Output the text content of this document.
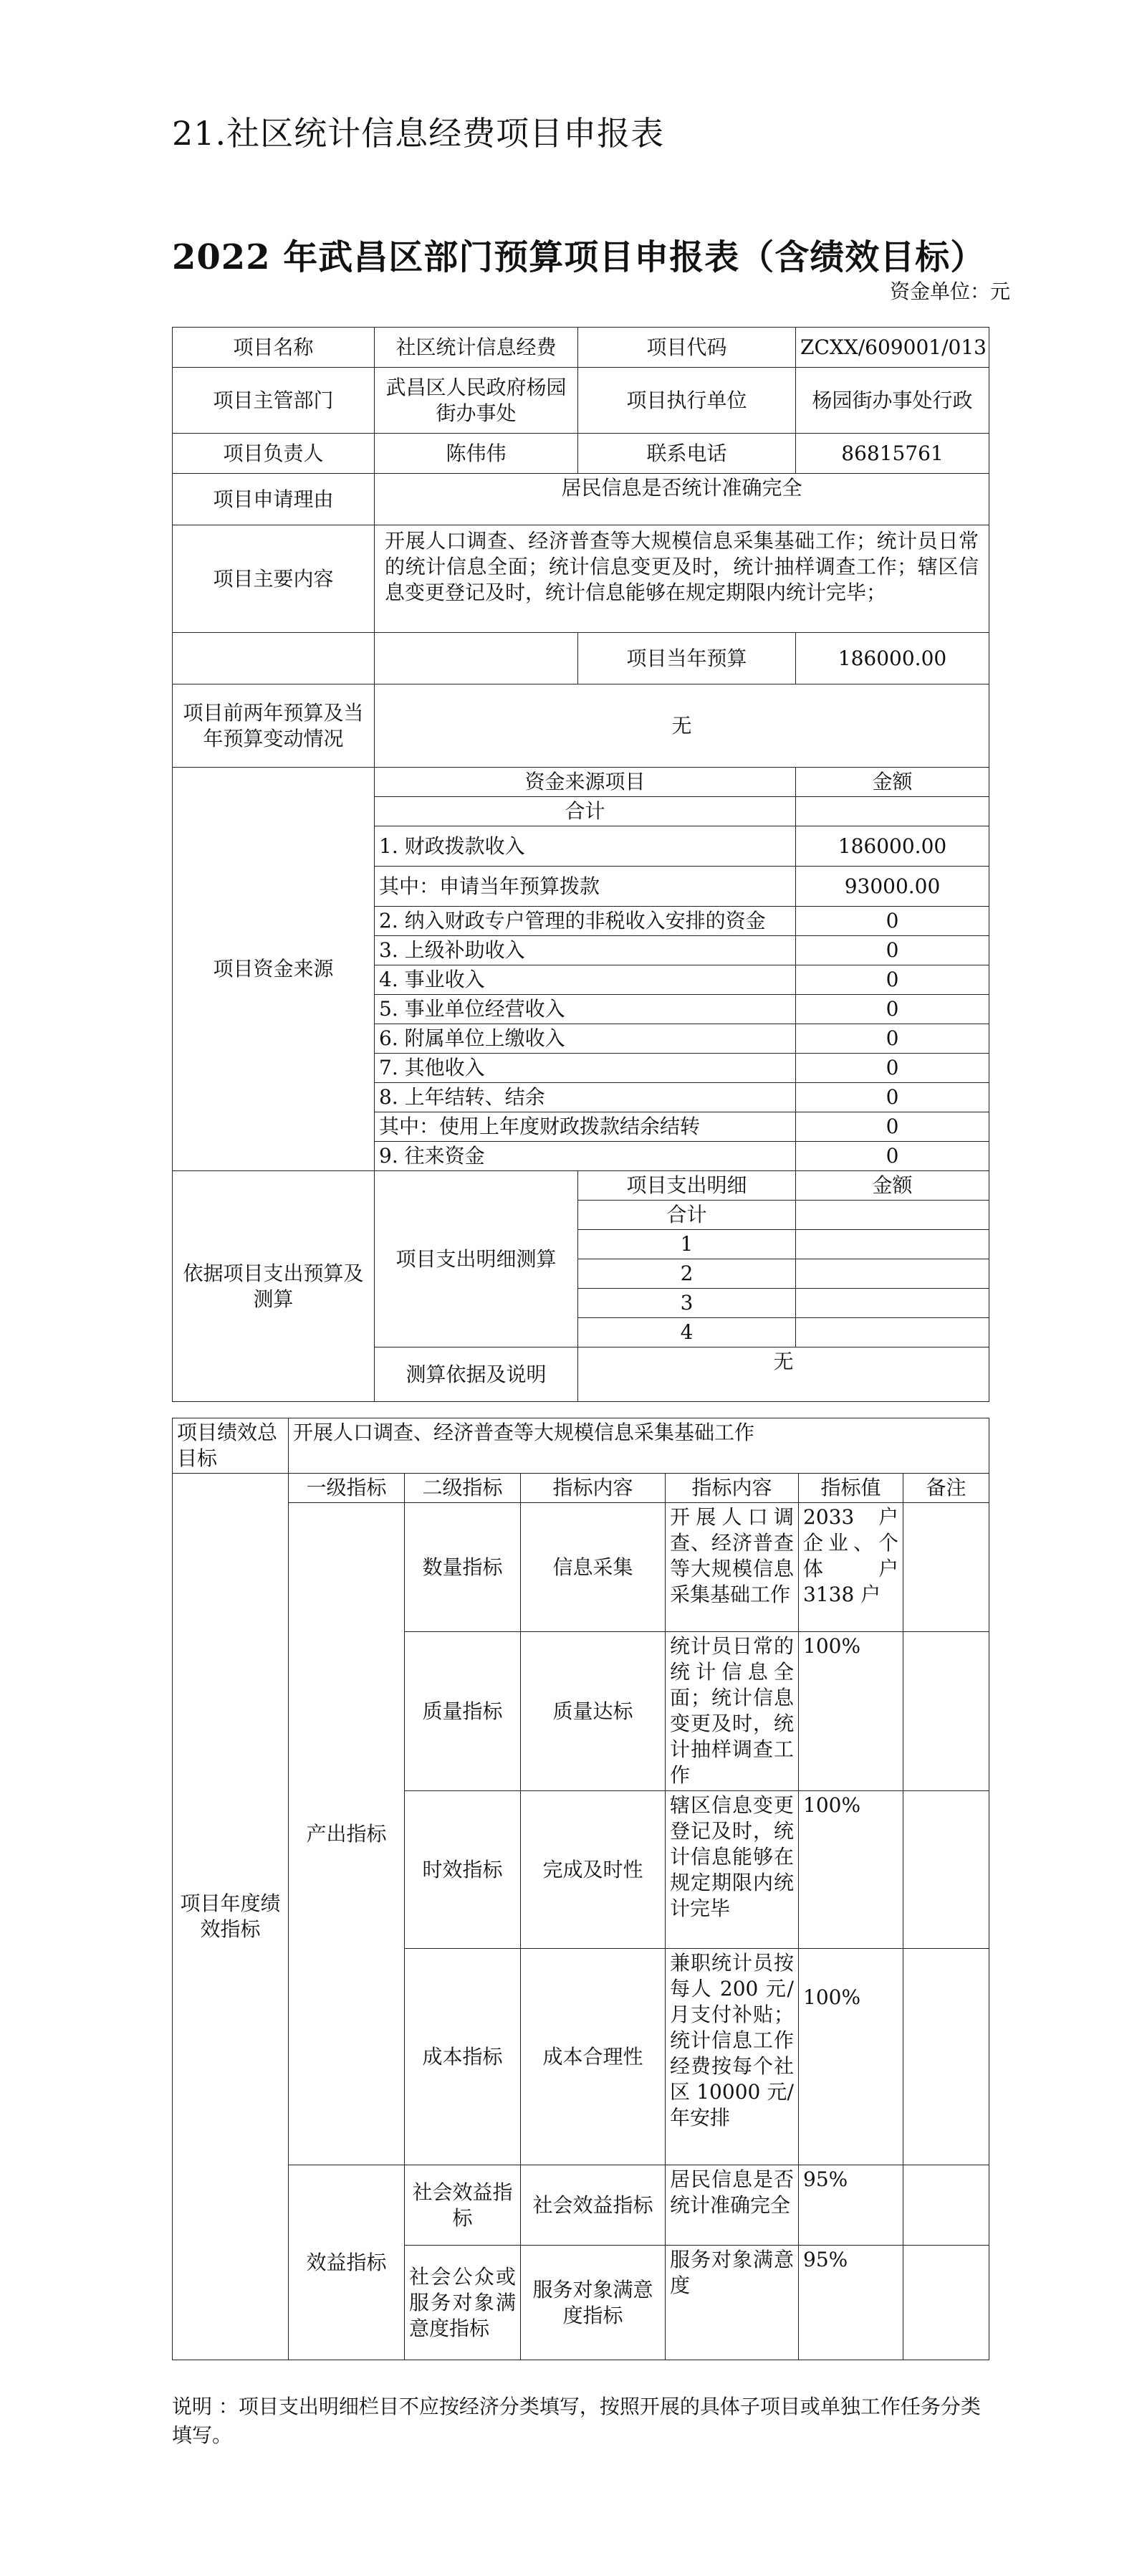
21.社区统计信息经费项目申报表
2022 年武昌区部门预算项目申报表（含绩效目标）
资金单位：元
项目名称	社区统计信息经费	项目代码	ZCXX/609001/013
项目主管部门	武昌区人民政府杨园街办事处	项目执行单位	杨园街办事处行政
项目负责人	陈伟伟	联系电话	86815761
项目申请理由	居民信息是否统计准确完全		
项目主要内容	开展人口调查、经济普查等大规模信息采集基础工作；统计员日常的统计信息全面；统计信息变更及时，统计抽样调查工作；辖区信息变更登记及时，统计信息能够在规定期限内统计完毕；		
		项目当年预算	186000.00
项目前两年预算及当年预算变动情况	无		
项目资金来源	资金来源项目		金额
	合计		
	1. 财政拨款收入		186000.00
	其中：申请当年预算拨款		93000.00
	2. 纳入财政专户管理的非税收入安排的资金		0
	3. 上级补助收入		0
	4. 事业收入		0
	5. 事业单位经营收入		0
	6. 附属单位上缴收入		0
	7. 其他收入		0
	8. 上年结转、结余		0
	其中：使用上年度财政拨款结余结转		0
	9. 往来资金		0
依据项目支出预算及测算	项目支出明细测算	项目支出明细	金额
		合计	
		1	
		2	
		3	
		4	
	测算依据及说明	无	
项目绩效总目标	开展人口调查、经济普查等大规模信息采集基础工作					
项目年度绩效指标	一级指标	二级指标	指标内容	指标内容	指标值	备注
	产出指标	数量指标	信息采集	开展人口调查、经济普查等大规模信息采集基础工作	2033 户企业、个体户 3138 户	
		质量指标	质量达标	统计员日常的统计信息全面；统计信息变更及时，统计抽样调查工作	100%	
		时效指标	完成及时性	辖区信息变更登记及时，统计信息能够在规定期限内统计完毕	100%	
		成本指标	成本合理性	兼职统计员按每人 200 元/月支付补贴；统计信息工作经费按每个社区 10000 元/年安排	100%	
	效益指标	社会效益指标	社会效益指标	居民信息是否统计准确完全	95%	
		社会公众或服务对象满意度指标	服务对象满意度指标	服务对象满意度	95%	
说明 ：项目支出明细栏目不应按经济分类填写，按照开展的具体子项目或单独工作任务分类填写。
